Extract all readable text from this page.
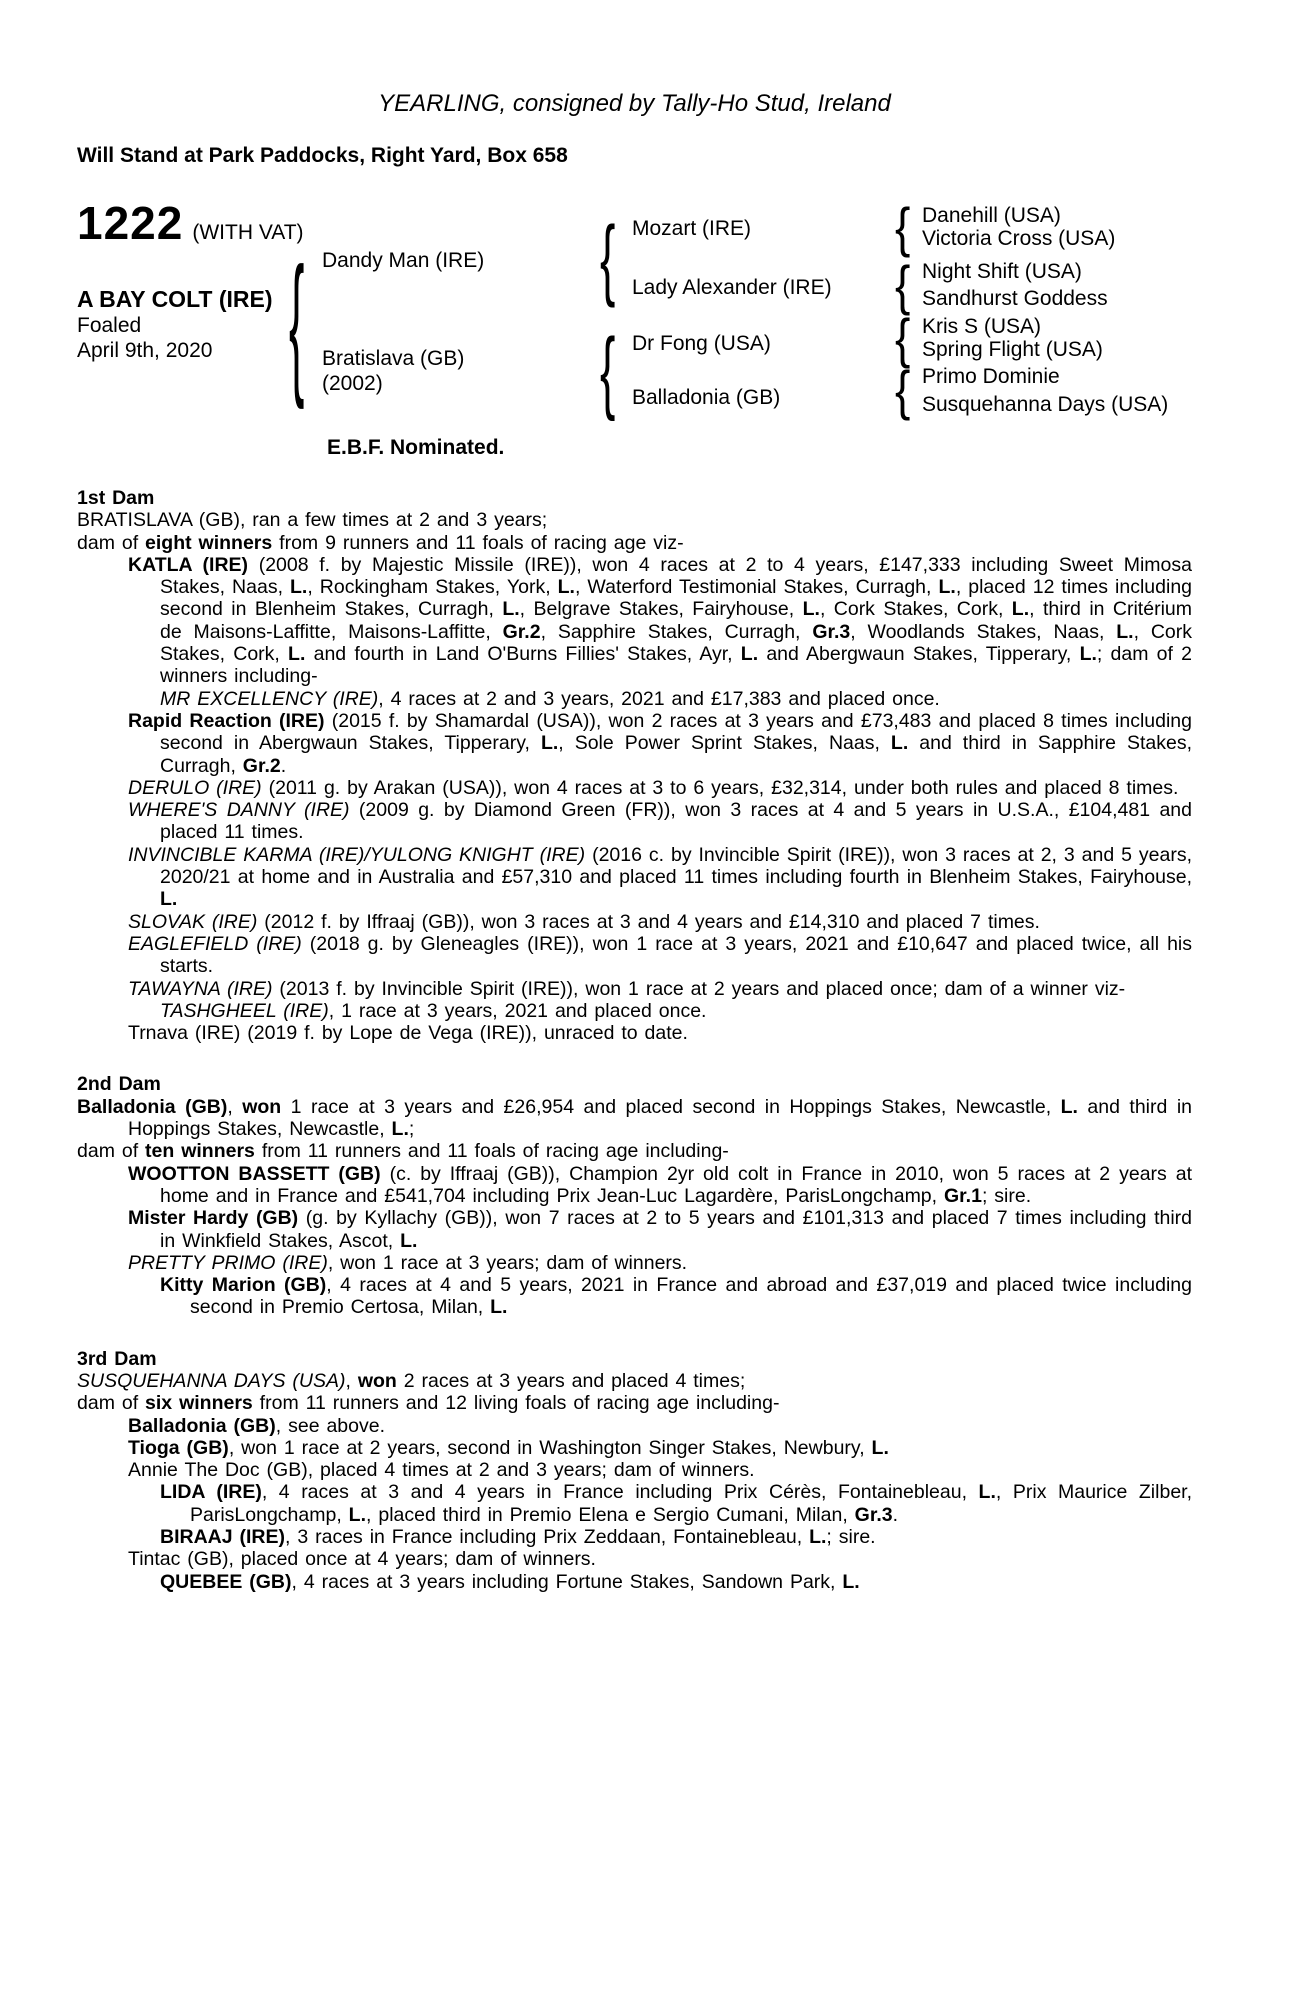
YEARLING, consigned by Tally-Ho Stud, Ireland
Will Stand at Park Paddocks, Right Yard, Box 658
1222 (WITH VAT)
A BAY COLT (IRE)
Foaled
April 9th, 2020
{
Dandy Man (IRE)
Bratislava (GB)
(2002)
{
{
Mozart (IRE)
Lady Alexander (IRE)
Dr Fong (USA)
Balladonia (GB)
{
{
{
{
Danehill (USA)
Victoria Cross (USA)
Night Shift (USA)
Sandhurst Goddess
Kris S (USA)
Spring Flight (USA)
Primo Dominie
Susquehanna Days (USA)
E.B.F. Nominated.
1st Dam

BRATISLAVA (GB), ran a few times at 2 and 3 years;

dam of eight winners from 9 runners and 11 foals of racing age viz-

KATLA (IRE) (2008 f. by Majestic Missile (IRE)), won 4 races at 2 to 4 years, £147,333 including Sweet Mimosa Stakes, Naas, L., Rockingham Stakes, York, L., Waterford Testimonial Stakes, Curragh, L., placed 12 times including second in Blenheim Stakes, Curragh, L., Belgrave Stakes, Fairyhouse, L., Cork Stakes, Cork, L., third in Critérium de Maisons-Laffitte, Maisons-Laffitte, Gr.2, Sapphire Stakes, Curragh, Gr.3, Woodlands Stakes, Naas, L., Cork Stakes, Cork, L. and fourth in Land O'Burns Fillies' Stakes, Ayr, L. and Abergwaun Stakes, Tipperary, L.; dam of 2 winners including-

MR EXCELLENCY (IRE), 4 races at 2 and 3 years, 2021 and £17,383 and placed once.

Rapid Reaction (IRE) (2015 f. by Shamardal (USA)), won 2 races at 3 years and £73,483 and placed 8 times including second in Abergwaun Stakes, Tipperary, L., Sole Power Sprint Stakes, Naas, L. and third in Sapphire Stakes, Curragh, Gr.2.

DERULO (IRE) (2011 g. by Arakan (USA)), won 4 races at 3 to 6 years, £32,314, under both rules and placed 8 times.

WHERE'S DANNY (IRE) (2009 g. by Diamond Green (FR)), won 3 races at 4 and 5 years in U.S.A., £104,481 and placed 11 times.

INVINCIBLE KARMA (IRE)/YULONG KNIGHT (IRE) (2016 c. by Invincible Spirit (IRE)), won 3 races at 2, 3 and 5 years, 2020/21 at home and in Australia and £57,310 and placed 11 times including fourth in Blenheim Stakes, Fairyhouse, L.

SLOVAK (IRE) (2012 f. by Iffraaj (GB)), won 3 races at 3 and 4 years and £14,310 and placed 7 times.

EAGLEFIELD (IRE) (2018 g. by Gleneagles (IRE)), won 1 race at 3 years, 2021 and £10,647 and placed twice, all his starts.

TAWAYNA (IRE) (2013 f. by Invincible Spirit (IRE)), won 1 race at 2 years and placed once; dam of a winner viz-

TASHGHEEL (IRE), 1 race at 3 years, 2021 and placed once.

Trnava (IRE) (2019 f. by Lope de Vega (IRE)), unraced to date.

2nd Dam

Balladonia (GB), won 1 race at 3 years and £26,954 and placed second in Hoppings Stakes, Newcastle, L. and third in Hoppings Stakes, Newcastle, L.;

dam of ten winners from 11 runners and 11 foals of racing age including-

WOOTTON BASSETT (GB) (c. by Iffraaj (GB)), Champion 2yr old colt in France in 2010, won 5 races at 2 years at home and in France and £541,704 including Prix Jean-Luc Lagardère, ParisLongchamp, Gr.1; sire.

Mister Hardy (GB) (g. by Kyllachy (GB)), won 7 races at 2 to 5 years and £101,313 and placed 7 times including third in Winkfield Stakes, Ascot, L.

PRETTY PRIMO (IRE), won 1 race at 3 years; dam of winners.

Kitty Marion (GB), 4 races at 4 and 5 years, 2021 in France and abroad and £37,019 and placed twice including second in Premio Certosa, Milan, L.

3rd Dam

SUSQUEHANNA DAYS (USA), won 2 races at 3 years and placed 4 times;

dam of six winners from 11 runners and 12 living foals of racing age including-

Balladonia (GB), see above.

Tioga (GB), won 1 race at 2 years, second in Washington Singer Stakes, Newbury, L.

Annie The Doc (GB), placed 4 times at 2 and 3 years; dam of winners.

LIDA (IRE), 4 races at 3 and 4 years in France including Prix Cérès, Fontainebleau, L., Prix Maurice Zilber, ParisLongchamp, L., placed third in Premio Elena e Sergio Cumani, Milan, Gr.3.

BIRAAJ (IRE), 3 races in France including Prix Zeddaan, Fontainebleau, L.; sire.

Tintac (GB), placed once at 4 years; dam of winners.

QUEBEE (GB), 4 races at 3 years including Fortune Stakes, Sandown Park, L.
